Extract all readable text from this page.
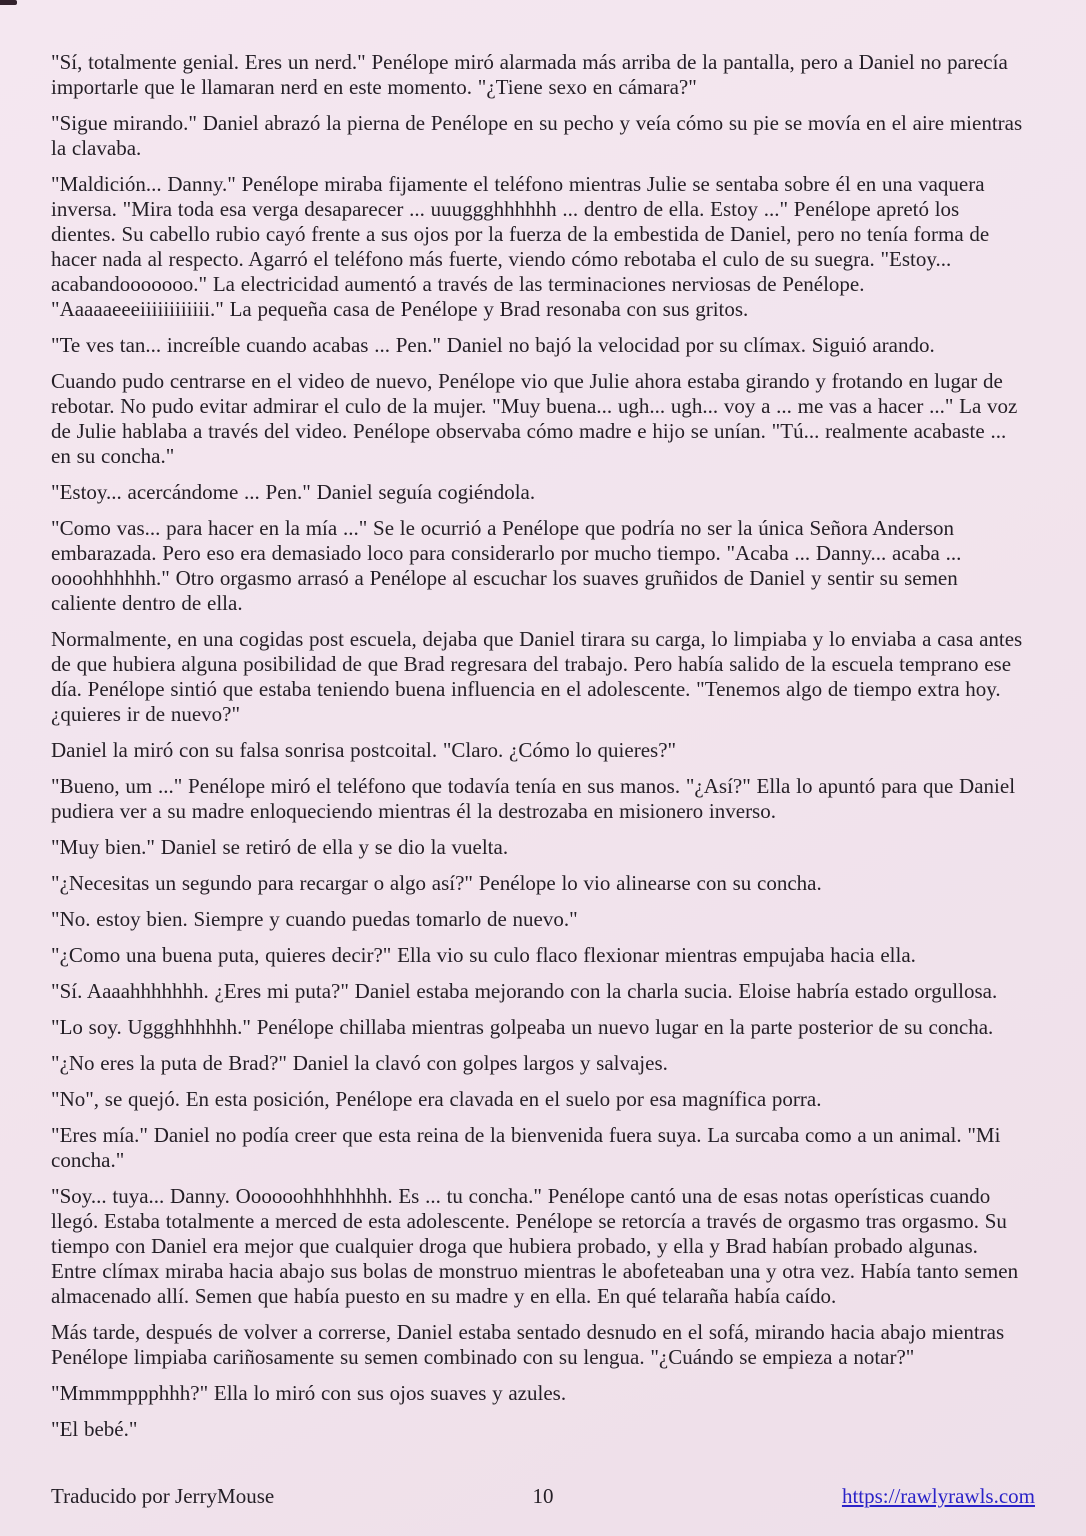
"Sí, totalmente genial. Eres un nerd." Penélope miró alarmada más arriba de la pantalla, pero a Daniel no parecía importarle que le llamaran nerd en este momento. "¿Tiene sexo en cámara?"

"Sigue mirando." Daniel abrazó la pierna de Penélope en su pecho y veía cómo su pie se movía en el aire mientras la clavaba.

"Maldición... Danny." Penélope miraba fijamente el teléfono mientras Julie se sentaba sobre él en una vaquera inversa. "Mira toda esa verga desaparecer ... uuuggghhhhhh ... dentro de ella. Estoy ..." Penélope apretó los dientes. Su cabello rubio cayó frente a sus ojos por la fuerza de la embestida de Daniel, pero no tenía forma de hacer nada al respecto. Agarró el teléfono más fuerte, viendo cómo rebotaba el culo de su suegra. "Estoy... acabandooooooo." La electricidad aumentó a través de las terminaciones nerviosas de Penélope. "Aaaaaeeeiiiiiiiiiiii." La pequeña casa de Penélope y Brad resonaba con sus gritos.

"Te ves tan... increíble cuando acabas ... Pen." Daniel no bajó la velocidad por su clímax. Siguió arando.

Cuando pudo centrarse en el video de nuevo, Penélope vio que Julie ahora estaba girando y frotando en lugar de rebotar. No pudo evitar admirar el culo de la mujer. "Muy buena... ugh... ugh... voy a ... me vas a hacer ..." La voz de Julie hablaba a través del video. Penélope observaba cómo madre e hijo se unían. "Tú... realmente acabaste ... en su concha."

"Estoy... acercándome ... Pen." Daniel seguía cogiéndola.

"Como vas... para hacer en la mía ..." Se le ocurrió a Penélope que podría no ser la única Señora Anderson embarazada. Pero eso era demasiado loco para considerarlo por mucho tiempo. "Acaba ... Danny... acaba ... oooohhhhhh." Otro orgasmo arrasó a Penélope al escuchar los suaves gruñidos de Daniel y sentir su semen caliente dentro de ella.

Normalmente, en una cogidas post escuela, dejaba que Daniel tirara su carga, lo limpiaba y lo enviaba a casa antes de que hubiera alguna posibilidad de que Brad regresara del trabajo. Pero había salido de la escuela temprano ese día. Penélope sintió que estaba teniendo buena influencia en el adolescente. "Tenemos algo de tiempo extra hoy. ¿quieres ir de nuevo?"

Daniel la miró con su falsa sonrisa postcoital. "Claro. ¿Cómo lo quieres?"

"Bueno, um ..." Penélope miró el teléfono que todavía tenía en sus manos. "¿Así?" Ella lo apuntó para que Daniel pudiera ver a su madre enloqueciendo mientras él la destrozaba en misionero inverso.

"Muy bien." Daniel se retiró de ella y se dio la vuelta.

"¿Necesitas un segundo para recargar o algo así?" Penélope lo vio alinearse con su concha.

"No. estoy bien. Siempre y cuando puedas tomarlo de nuevo."

"¿Como una buena puta, quieres decir?" Ella vio su culo flaco flexionar mientras empujaba hacia ella.

"Sí. Aaaahhhhhhh. ¿Eres mi puta?" Daniel estaba mejorando con la charla sucia. Eloise habría estado orgullosa.

"Lo soy. Uggghhhhhh." Penélope chillaba mientras golpeaba un nuevo lugar en la parte posterior de su concha.

"¿No eres la puta de Brad?" Daniel la clavó con golpes largos y salvajes.

"No", se quejó. En esta posición, Penélope era clavada en el suelo por esa magnífica porra.

"Eres mía." Daniel no podía creer que esta reina de la bienvenida fuera suya. La surcaba como a un animal. "Mi concha."

"Soy... tuya... Danny. Oooooohhhhhhhh. Es ... tu concha." Penélope cantó una de esas notas operísticas cuando llegó. Estaba totalmente a merced de esta adolescente. Penélope se retorcía a través de orgasmo tras orgasmo. Su tiempo con Daniel era mejor que cualquier droga que hubiera probado, y ella y Brad habían probado algunas. Entre clímax miraba hacia abajo sus bolas de monstruo mientras le abofeteaban una y otra vez. Había tanto semen almacenado allí. Semen que había puesto en su madre y en ella. En qué telaraña había caído.

Más tarde, después de volver a correrse, Daniel estaba sentado desnudo en el sofá, mirando hacia abajo mientras Penélope limpiaba cariñosamente su semen combinado con su lengua. "¿Cuándo se empieza a notar?"

"Mmmmppphhh?" Ella lo miró con sus ojos suaves y azules.

"El bebé."

Traducido por JerryMouse	10	https://rawlyrawls.com
